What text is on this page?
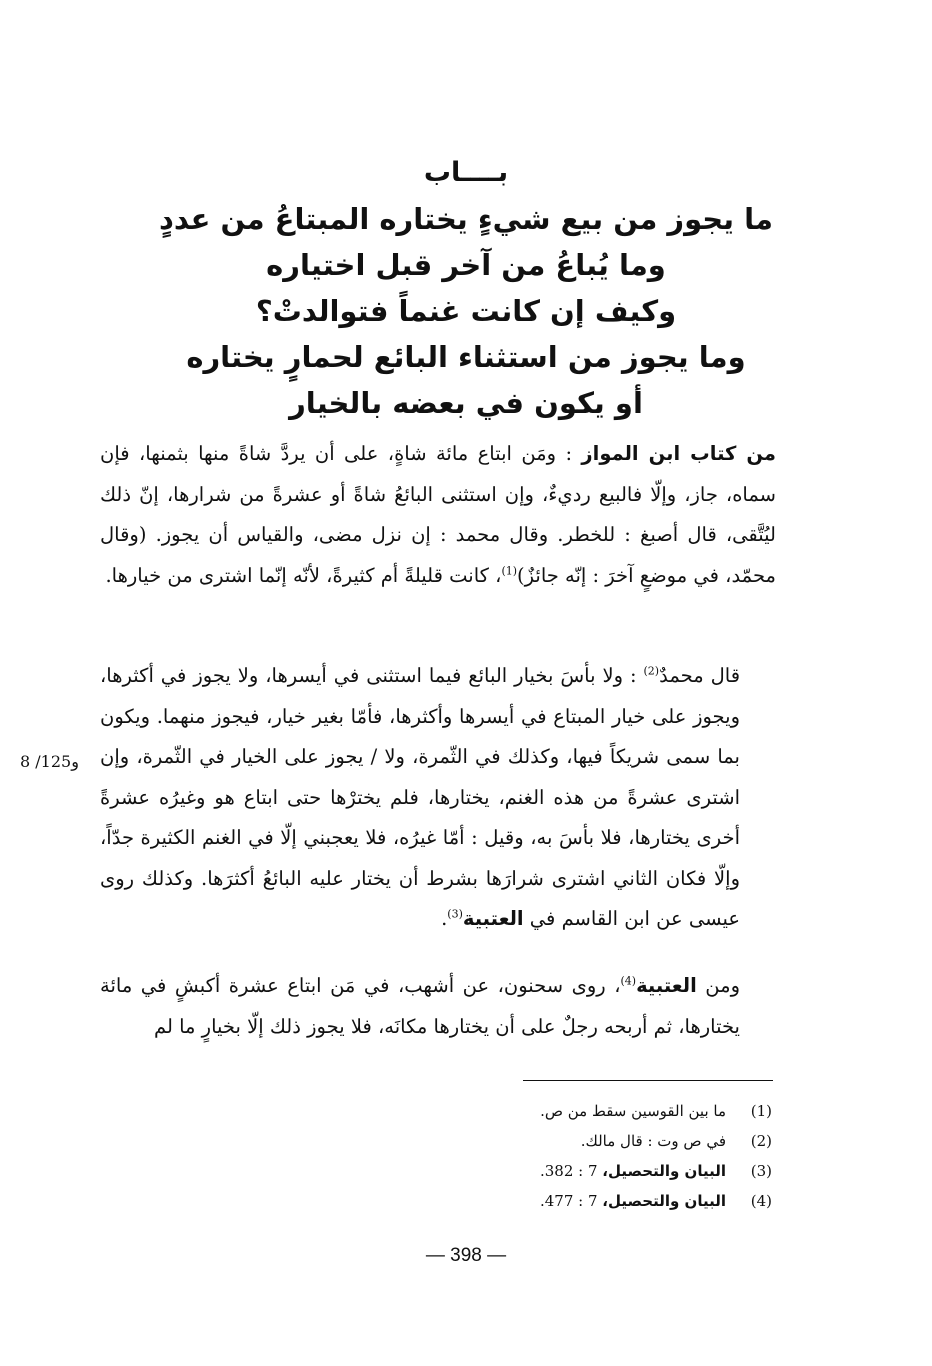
بــــاب
ما يجوز من بيع شيءٍ يختاره المبتاعُ من عددٍ
وما يُباعُ من آخر قبل اختياره
وكيف إن كانت غنماً فتوالدتْ؟
وما يجوز من استثناء البائع لحمارٍ يختاره
أو يكون في بعضه بالخيار

من كتاب ابن المواز : ومَن ابتاع مائة شاةٍ، على أن يردَّ شاةً منها بثمنها، فإن سماه، جاز، وإلّا فالبيع رديءٌ، وإن استثنى البائعُ شاةً أو عشرةً من شرارها، إنّ ذلك ليُتَّقى، قال أصبغ : للخطر. وقال محمد : إن نزل مضى، والقياس أن يجوز. (وقال محمّد، في موضعٍ آخرَ : إنّه جائزٌ)$^{(1)}$، كانت قليلةً أم كثيرةً، لأنّه إنّما اشترى من خيارها.

قال محمدٌ$^{(2)}$ : ولا بأسَ بخيار البائع فيما استثنى في أيسرها، ولا يجوز في أكثرها، ويجوز على خيار المبتاع في أيسرها وأكثرها، فأمّا بغير خيار، فيجوز منهما. ويكون بما سمى شريكاً فيها، وكذلك في الثّمرة، ولا / يجوز على الخيار في الثّمرة، وإن اشترى عشرةً من هذه الغنم، يختارها، فلم يخترْها حتى ابتاع هو وغيرُه عشرةً أخرى يختارها، فلا بأسَ به، وقيل : أمّا غيرُه، فلا يعجبني إلّا في الغنم الكثيرة جدّاً، وإلّا فكان الثاني اشترى شرارَها بشرط أن يختار عليه البائعُ أكثرَها. وكذلك روى عيسى عن ابن القاسم في العتبية$^{(3)}$.

ومن العتبية$^{(4)}$، روى سحنون، عن أشهب، في مَن ابتاع عشرة أكبشٍ في مائة يختارها، ثم أربحه رجلٌ على أن يختارها مكانَه، فلا يجوز ذلك إلّا بخيارٍ ما لم

8 /125و
(1)ما بين القوسين سقط من ص.
(2)في ص وت : قال مالك.
(3)البيان والتحصيل، 7 : 382.
(4)البيان والتحصيل، 7 : 477.
— 398 —
